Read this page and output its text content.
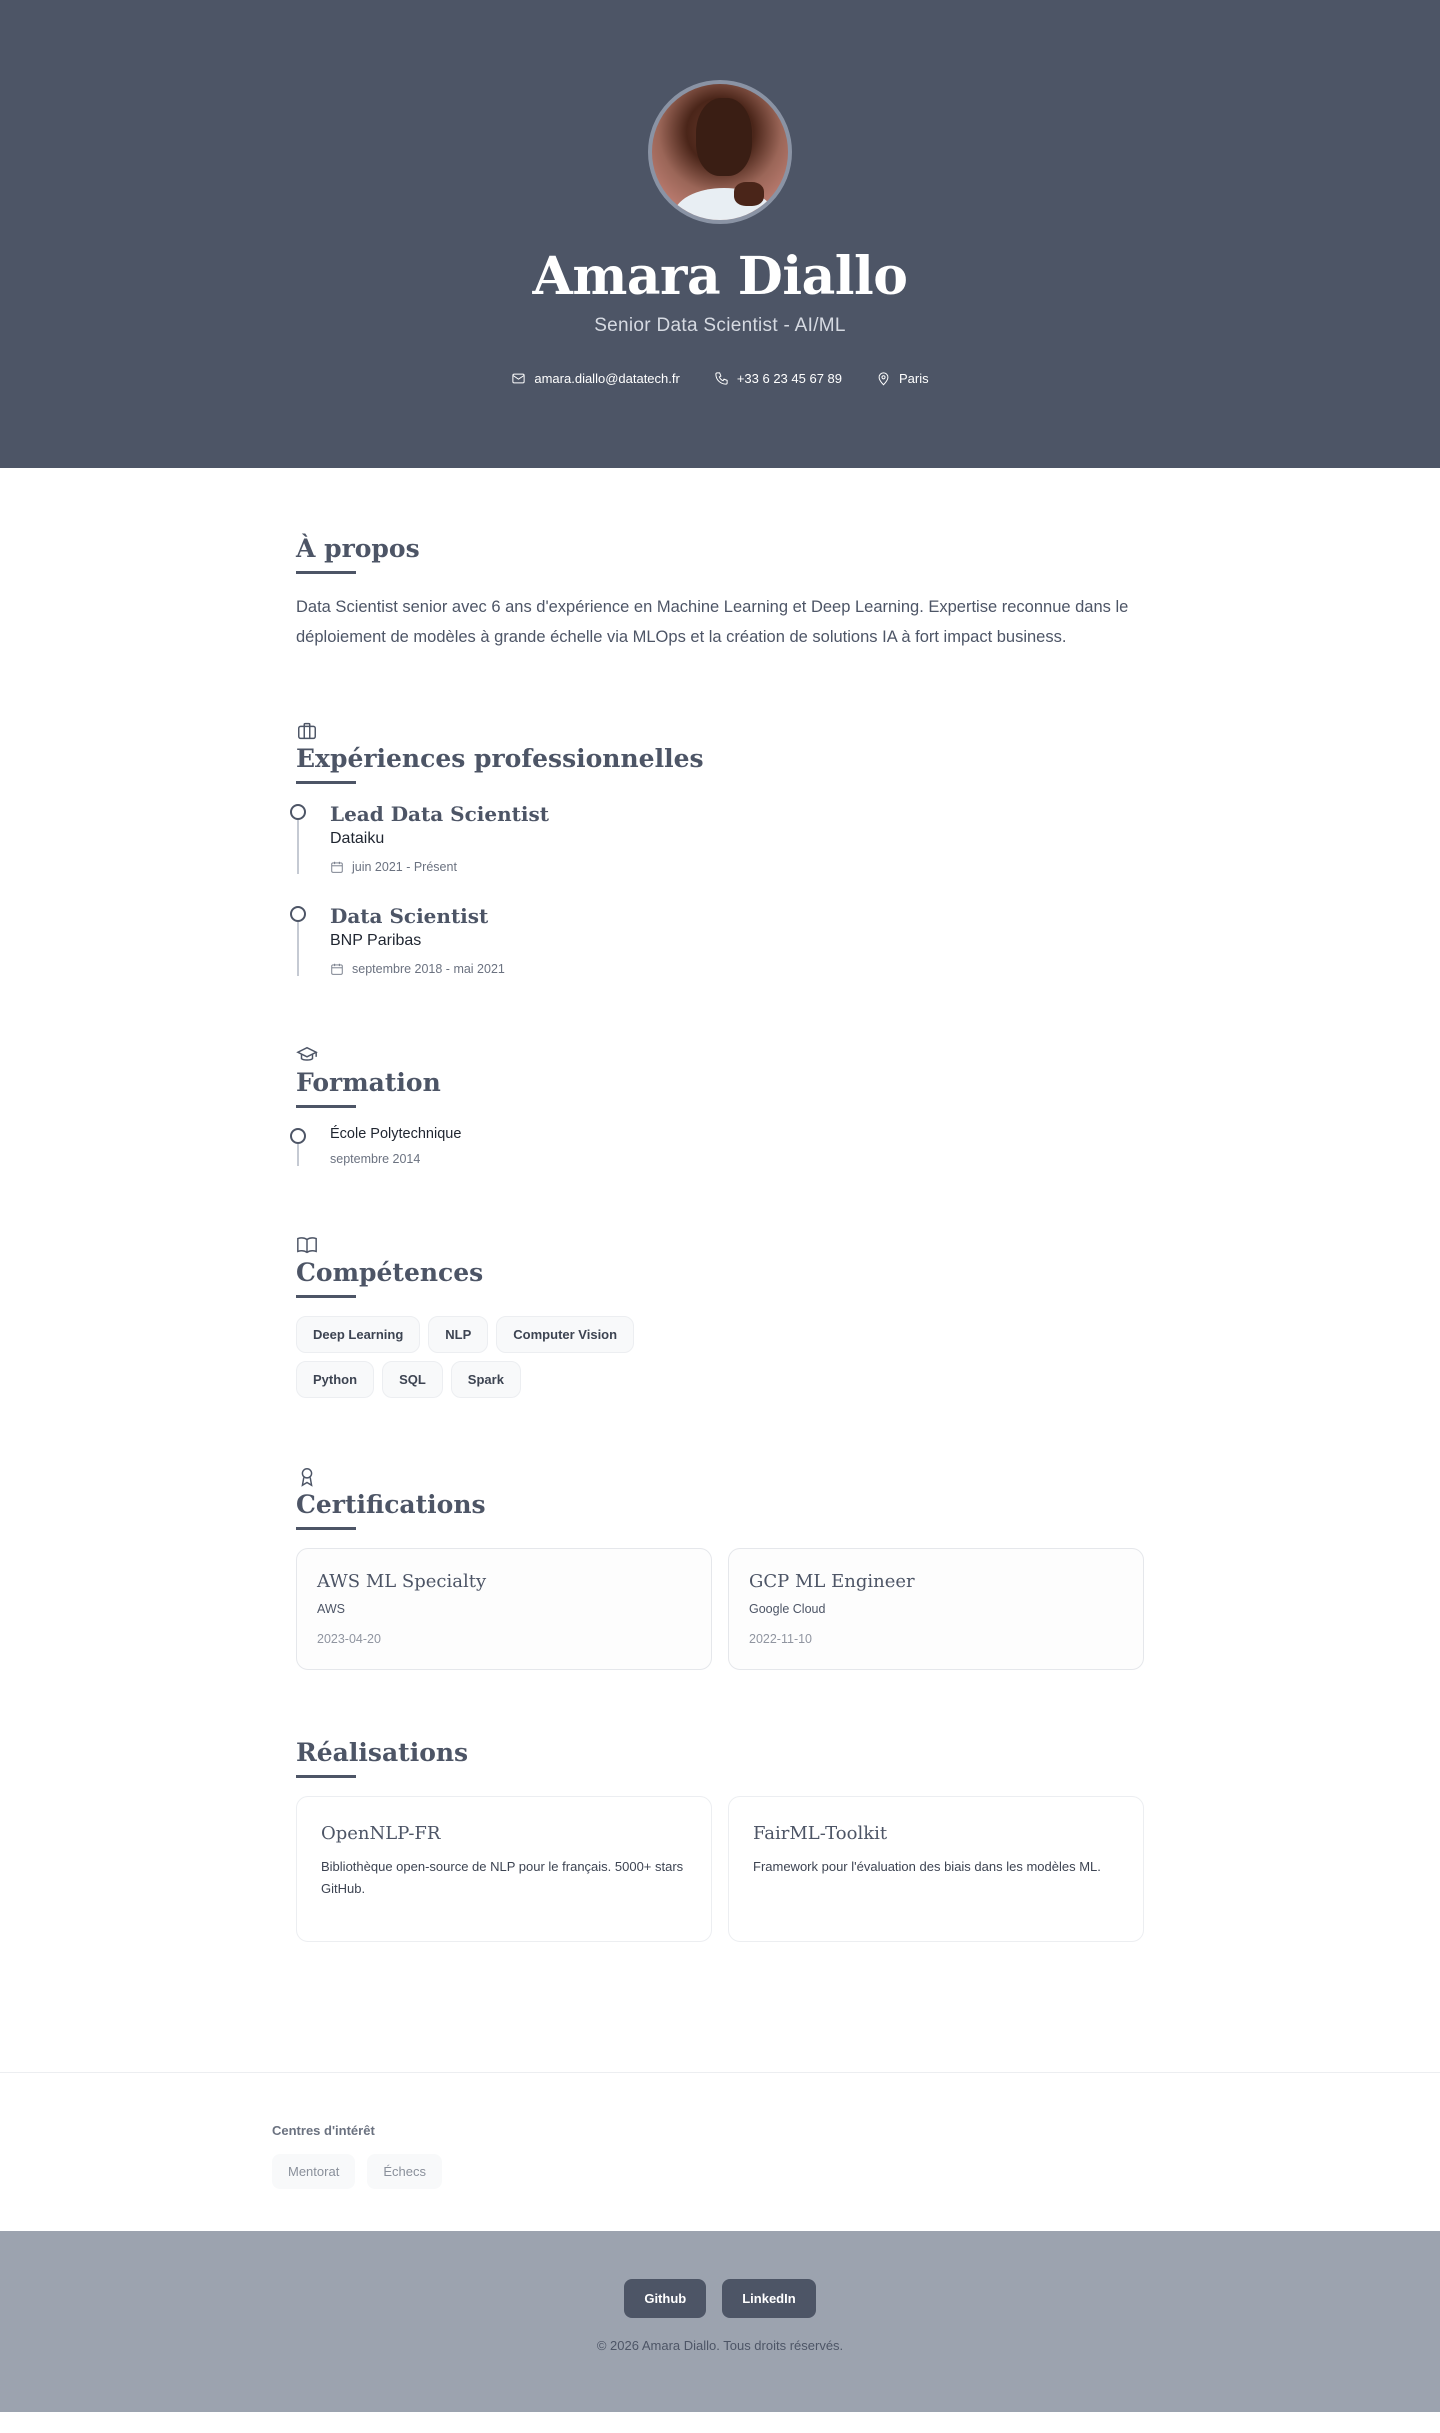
Amara Diallo
Senior Data Scientist - AI/ML
amara.diallo@datatech.fr	+33 6 23 45 67 89	Paris
À propos

Data Scientist senior avec 6 ans d'expérience en Machine Learning et Deep Learning. Expertise reconnue dans le déploiement de modèles à grande échelle via MLOps et la création de solutions IA à fort impact business.

Expériences professionnelles
Lead Data Scientist
Dataiku
juin 2021 - Présent
Data Scientist
BNP Paribas
septembre 2018 - mai 2021
Formation
École Polytechnique
septembre 2014
Compétences
Deep Learning	NLP	Computer Vision
Python	SQL	Spark
Certifications
AWS ML Specialty
AWS
2023-04-20
GCP ML Engineer
Google Cloud
2022-11-10
Réalisations
OpenNLP-FR
Bibliothèque open-source de NLP pour le français. 5000+ stars GitHub.
FairML-Toolkit
Framework pour l'évaluation des biais dans les modèles ML.
Centres d'intérêt
Mentorat	Échecs
Github	LinkedIn
© 2026 Amara Diallo. Tous droits réservés.
